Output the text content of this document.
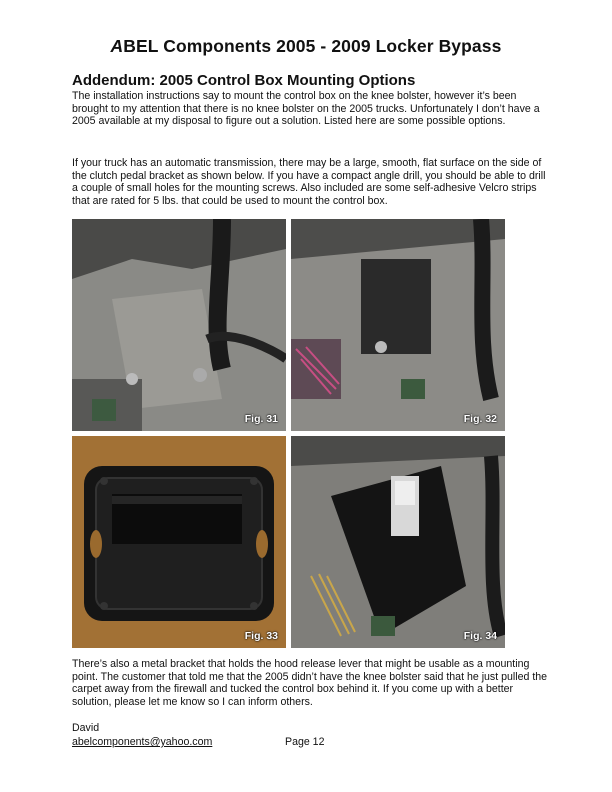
ABEL Components 2005 - 2009 Locker Bypass
Addendum: 2005 Control Box Mounting Options
The installation instructions say to mount the control box on the knee bolster, however it’s been brought to my attention that there is no knee bolster on the 2005 trucks. Unfortunately I don’t have a 2005 available at my disposal to figure out a solution. Listed here are some possible options.
If your truck has an automatic transmission, there may be a large, smooth, flat surface on the side of the clutch pedal bracket as shown below. If you have a compact angle drill, you should be able to drill a couple of small holes for the mounting screws. Also included are some self-adhesive Velcro strips that are rated for 5 lbs. that could be used to mount the control box.
Fig. 31	Fig. 32
Fig. 33	Fig. 34
There’s also a metal bracket that holds the hood release lever that might be usable as a mounting point. The customer that told me that the 2005 didn’t have the knee bolster said that he just pulled the carpet away from the firewall and tucked the control box behind it. If you come up with a better solution, please let me know so I can inform others.
David
abelcomponents@yahoo.com	Page 12
